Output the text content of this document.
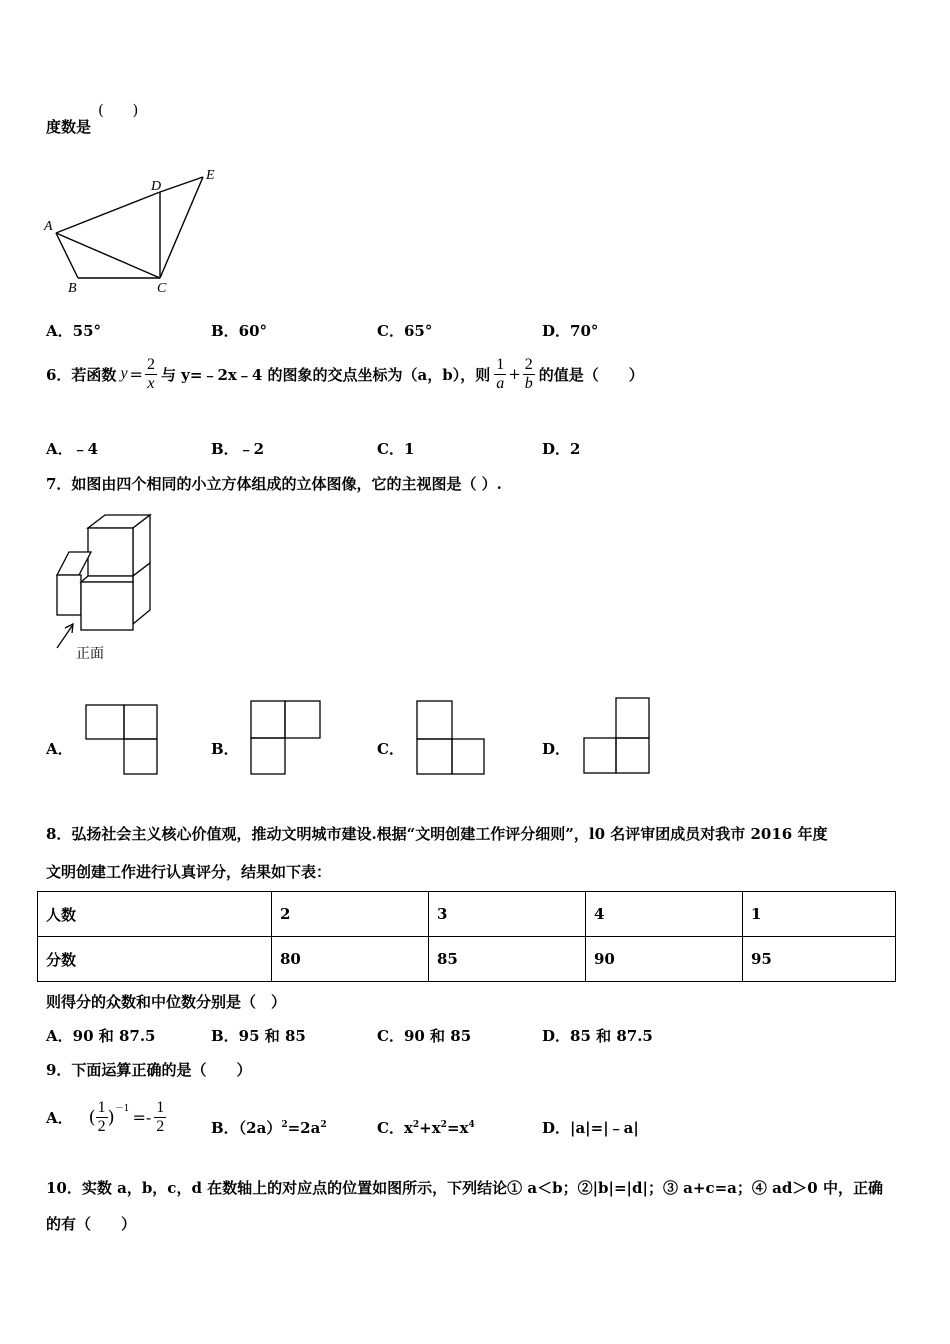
度数是
(      )
A
B	C
D
E
A．55°	B．60°	C．65°	D．70°
6．若函数 $y = \frac{2}{x}$ 与 y=﹣2x﹣4 的图象的交点坐标为（a，b），则 $\frac{1}{a} + \frac{2}{b}$ 的值是（　　）
A．﹣4	B．﹣2	C．1	D．2
7．如图由四个相同的小立方体组成的立体图像，它的主视图是（ ）.
正面
A．	B．	C．	D．
8．弘扬社会主义核心价值观，推动文明城市建设.根据“文明创建工作评分细则”，l0 名评审团成员对我市 2016 年度
文明创建工作进行认真评分，结果如下表：
人数	2	3	4	1
分数	80	85	90	95
则得分的众数和中位数分别是（　）
A．90 和 87.5	B．95 和 85	C．90 和 85	D．85 和 87.5
9．下面运算正确的是（　　）
A． ( $\frac{1}{2}$ ) $-1 =- \frac{1}{2}$	B．$(2a)^2=2a^2$	C．$x^2+x^2=x^4$	D．|a|=|﹣a|
10．实数 a，b，c，d 在数轴上的对应点的位置如图所示，下列结论① a＜b；②|b|=|d|；③ a+c=a；④ ad＞0 中，正确
的有（　　）
